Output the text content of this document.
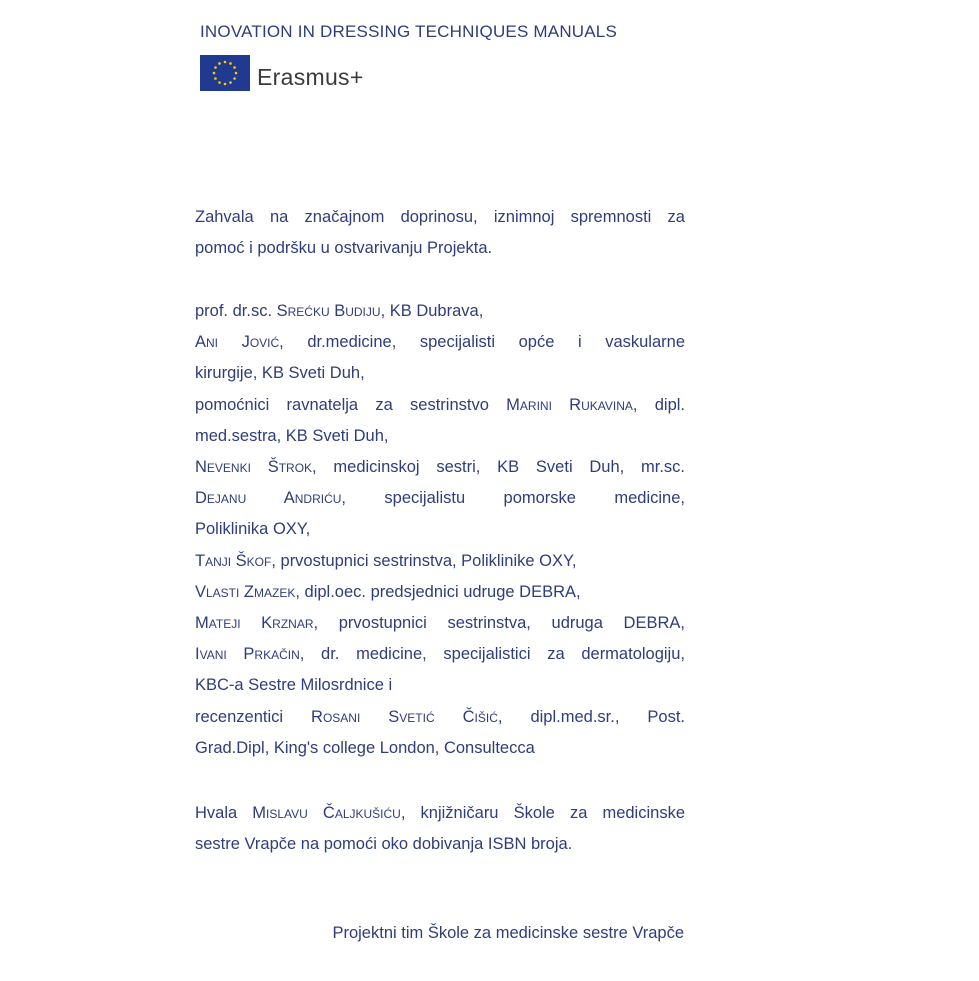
INOVATION IN DRESSING TECHNIQUES MANUALS
Erasmus+
Zahvala na značajnom doprinosu, iznimnoj spremnosti za
pomoć i podršku u ostvarivanju Projekta.
prof. dr.sc. Srećku Budiju, KB Dubrava,
Ani Jović, dr.medicine, specijalisti opće i vaskularne
kirurgije, KB Sveti Duh,
pomoćnici ravnatelja za sestrinstvo Marini Rukavina, dipl.
med.sestra, KB Sveti Duh,
Nevenki Štrok, medicinskoj sestri, KB Sveti Duh, mr.sc.
Dejanu Andriću, specijalistu pomorske medicine,
Poliklinika OXY,
Tanji Škof, prvostupnici sestrinstva, Poliklinike OXY,
Vlasti Zmazek, dipl.oec. predsjednici udruge DEBRA,
Mateji Krznar, prvostupnici sestrinstva, udruga DEBRA,
Ivani Prkačin, dr. medicine, specijalistici za dermatologiju,
KBC-a Sestre Milosrdnice i
recenzentici Rosani Svetić Čišić, dipl.med.sr., Post.
Grad.Dipl, King's college London, Consultecca
Hvala Mislavu Čaljkušiću, knjižničaru Škole za medicinske
sestre Vrapče na pomoći oko dobivanja ISBN broja.
Projektni tim Škole za medicinske sestre Vrapče
